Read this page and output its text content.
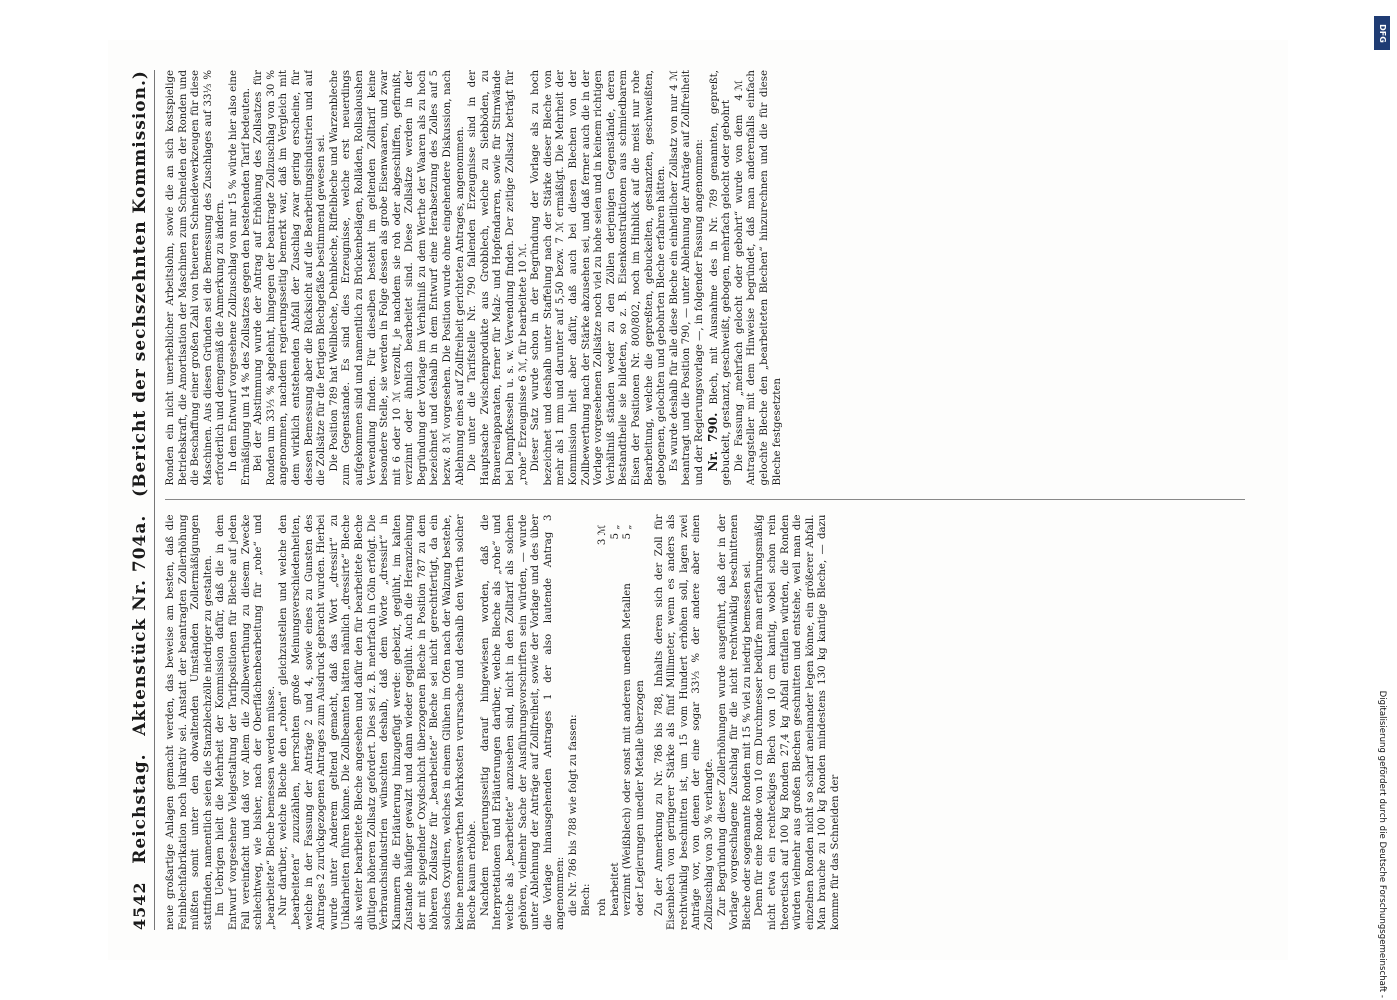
4542
Reichstag.
Aktenstück Nr. 704a.
(Bericht der sechszehnten Kommission.)

neue großartige Anlagen gemacht werden, das beweise am besten, daß die Feinblechfabrikation noch lukrativ sei. Anstatt der beantragten Zollerhöhung müßten somit unter den obwaltenden Umständen Zollermäßigungen stattfinden, namentlich seien die Stanzblechzölle niedriger zu gestalten. Im Uebrigen hielt die Mehrheit der Kommission dafür, daß die in dem Entwurf vorgesehene Vielgestaltung der Tarifpositionen für Bleche auf jeden Fall vereinfacht und daß vor Allem die Zollbewerthung zu diesem Zwecke schlechtweg, wie bisher, nach der Oberflächenbearbeitung für „rohe“ und „bearbeitete“ Bleche bemessen werden müsse. Nur darüber, welche Bleche den „rohen“ gleichzustellen und welche den „bearbeiteten“ zuzuzählen, herrschten große Meinungsverschiedenheiten, welche in der Fassung der Anträge 2 und 4, sowie eines zu Gunsten des Antrages 2 zurückgezogenen Antrages zum Ausdruck gebracht wurden. Hierbei wurde unter Anderem geltend gemacht, daß das Wort „dressirt“ zu Unklarheiten führen könne. Die Zollbeamten hätten nämlich „dressirte“ Bleche als weiter bearbeitete Bleche angesehen und dafür den für bearbeitete Bleche gültigen höheren Zollsatz gefordert. Dies sei z. B. mehrfach in Cöln erfolgt. Die Verbrauchsindustrien wünschten deshalb, daß dem Worte „dressirt“ in Klammern die Erläuterung hinzugefügt werde: gebeizt, geglüht, im kalten Zustande häufiger gewalzt und dann wieder geglüht. Auch die Heranziehung der mit spiegelnder Oxydschicht überzogenen Bleche in Position 787 zu dem höheren Zollsatze für „bearbeitete“ Bleche sei nicht gerechtfertigt, da ein solches Oxydiren, welches in einem Glühen im Ofen nach der Walzung bestehe, keine nennenswerthen Mehrkosten verursache und deshalb den Werth solcher Bleche kaum erhöhe. Nachdem regierungsseitig darauf hingewiesen worden, daß die Interpretationen und Erläuterungen darüber, welche Bleche als „rohe“ und welche als „bearbeitete“ anzusehen sind, nicht in den Zolltarif als solchen gehören, vielmehr Sache der Ausführungsvorschriften sein würden, — wurde unter Ablehnung der Anträge auf Zollfreiheit, sowie der Vorlage und des über die Vorlage hinausgehenden Antrages 1 der also lautende Antrag 3 angenommen: die Nr. 786 bis 788 wie folgt zu fassen: Blech: roh
3 ℳ
bearbeitet
5 „
verzinnt (Weißblech) oder sonst mit anderen unedlen Metallen oder Legierungen unedler Metalle überzogen
5 „	Zu der Anmerkung zu Nr. 786 bis 788, Inhalts deren sich der Zoll für Eisenblech von geringerer Stärke als fünf Millimeter, wenn es anders als rechtwinklig beschnitten ist, um 15 vom Hundert erhöhen soll, lagen zwei Anträge vor, von denen der eine sogar 33⅓ % der andere aber einen Zollzuschlag von 30 % verlangte. Zur Begründung dieser Zollerhöhungen wurde ausgeführt, daß der in der Vorlage vorgeschlagene Zuschlag für die nicht rechtwinklig beschnittenen Bleche oder sogenannte Ronden mit 15 % viel zu niedrig bemessen sei. Denn für eine Ronde von 10 cm Durchmesser bedürfe man erfahrungsmäßig nicht etwa ein rechteckiges Blech von 10 cm kantig, wobei schon rein theoretisch auf 100 kg Ronden 27,4 kg Abfall entfallen würden, die Ronden würden vielmehr aus großen Blechen geschnitten und entstehe, weil man die einzelnen Ronden nicht so scharf aneinander legen könne, ein größerer Abfall. Man brauche zu 100 kg Ronden mindestens 130 kg kantige Bleche, — dazu komme für das Schneiden der

Ronden ein nicht unerheblicher Arbeitslohn, sowie die an sich kostspielige Betriebskraft, die Amortisation der Maschinen zum Schneiden der Ronden und die Beschaffung einer großen Zahl von theueren Schneidewerkzeugen für diese Maschinen. Aus diesen Gründen sei die Bemessung des Zuschlages auf 33⅓ % erforderlich und demgemäß die Anmerkung zu ändern. In dem Entwurf vorgesehene Zollzuschlag von nur 15 % würde hier also eine Ermäßigung um 14 % des Zollsatzes gegen den bestehenden Tarif bedeuten. Bei der Abstimmung wurde der Antrag auf Erhöhung des Zollsatzes für Ronden um 33⅓ % abgelehnt, hingegen der beantragte Zollzuschlag von 30 % angenommen, nachdem regierungsseitig bemerkt war, daß im Vergleich mit dem wirklich entstehenden Abfall der Zuschlag zwar gering erscheine, für dessen Bemessung aber die Rücksicht auf die Bearbeitungsindustrien und auf die Zollsätze für die fertigen Blechgefäße bestimmend gewesen sei. Die Position 789 hat Wellbleche, Dehnbleche, Riffelbleche und Warzenbleche zum Gegenstande. Es sind dies Erzeugnisse, welche erst neuerdings aufgekommen sind und namentlich zu Brückenbelägen, Rolläden, Rollsaloushen Verwendung finden. Für dieselben besteht im geltenden Zolltarif keine besondere Stelle, sie werden in Folge dessen als grobe Eisenwaaren, und zwar mit 6 oder 10 ℳ verzollt, je nachdem sie roh oder abgeschliffen, gefirnißt, verzinnt oder ähnlich bearbeitet sind. Diese Zollsätze werden in der Begründung der Vorlage im Verhältniß zu dem Werthe der Waaren als zu hoch bezeichnet und deshalb in dem Entwurf eine Herabsetzung des Zolles auf 5 bezw. 8 ℳ vorgesehen. Die Position wurde ohne eingehendere Diskussion, nach Ablehnung eines auf Zollfreiheit gerichteten Antrages, angenommen. Die unter die Tarifstelle Nr. 790 fallenden Erzeugnisse sind in der Hauptsache Zwischenprodukte aus Grobblech, welche zu Siebböden, zu Brauereiapparaten, ferner für Malz- und Hopfendarren, sowie für Stirnwände bei Dampfkesseln u. s. w. Verwendung finden. Der zeitige Zollsatz beträgt für „rohe“ Erzeugnisse 6 ℳ, für bearbeitete 10 ℳ. Dieser Satz wurde schon in der Begründung der Vorlage als zu hoch bezeichnet und deshalb unter Staffelung nach der Stärke dieser Bleche von mehr als 1 mm und darunter auf 5,50 bezw. 7 ℳ ermäßigt. Die Mehrheit der Kommission hielt aber dafür, daß auch bei diesen Blechen von der Zollbewerthung nach der Stärke abzusehen sei, und daß ferner auch die in der Vorlage vorgesehenen Zollsätze noch viel zu hohe seien und in keinem richtigen Verhältniß ständen weder zu den Zöllen derjenigen Gegenstände, deren Bestandtheile sie bildeten, so z. B. Eisenkonstruktionen aus schmiedbarem Eisen der Positionen Nr. 800/802, noch im Hinblick auf die meist nur rohe Bearbeitung, welche die gepreßten, gebuckelten, gestanzten, geschweißten, gebogenen, gelochten und gebohrten Bleche erfahren hätten. Es wurde deshalb für alle diese Bleche ein einheitlicher Zollsatz von nur 4 ℳ beantragt und die Position 790, — unter Ablehnung der Anträge auf Zollfreiheit und der Regierungsvorlage —, in folgender Fassung angenommen: Nr. 790. Blech, mit Ausnahme des in Nr. 789 genannten, gepreßt, gebuckelt, gestanzt, geschweißt, gebogen, mehrfach gelocht oder gebohrt
4 ℳ

Die Fassung „mehrfach gelocht oder gebohrt“ wurde von dem Antragsteller mit dem Hinweise begründet, daß man anderenfalls einfach gelochte Bleche den „bearbeiteten Blechen“ hinzurechnen und die für diese Bleche festgesetzten

Digitalisierung gefördert durch die Deutsche Forschungsgemeinschaft -
DFG
